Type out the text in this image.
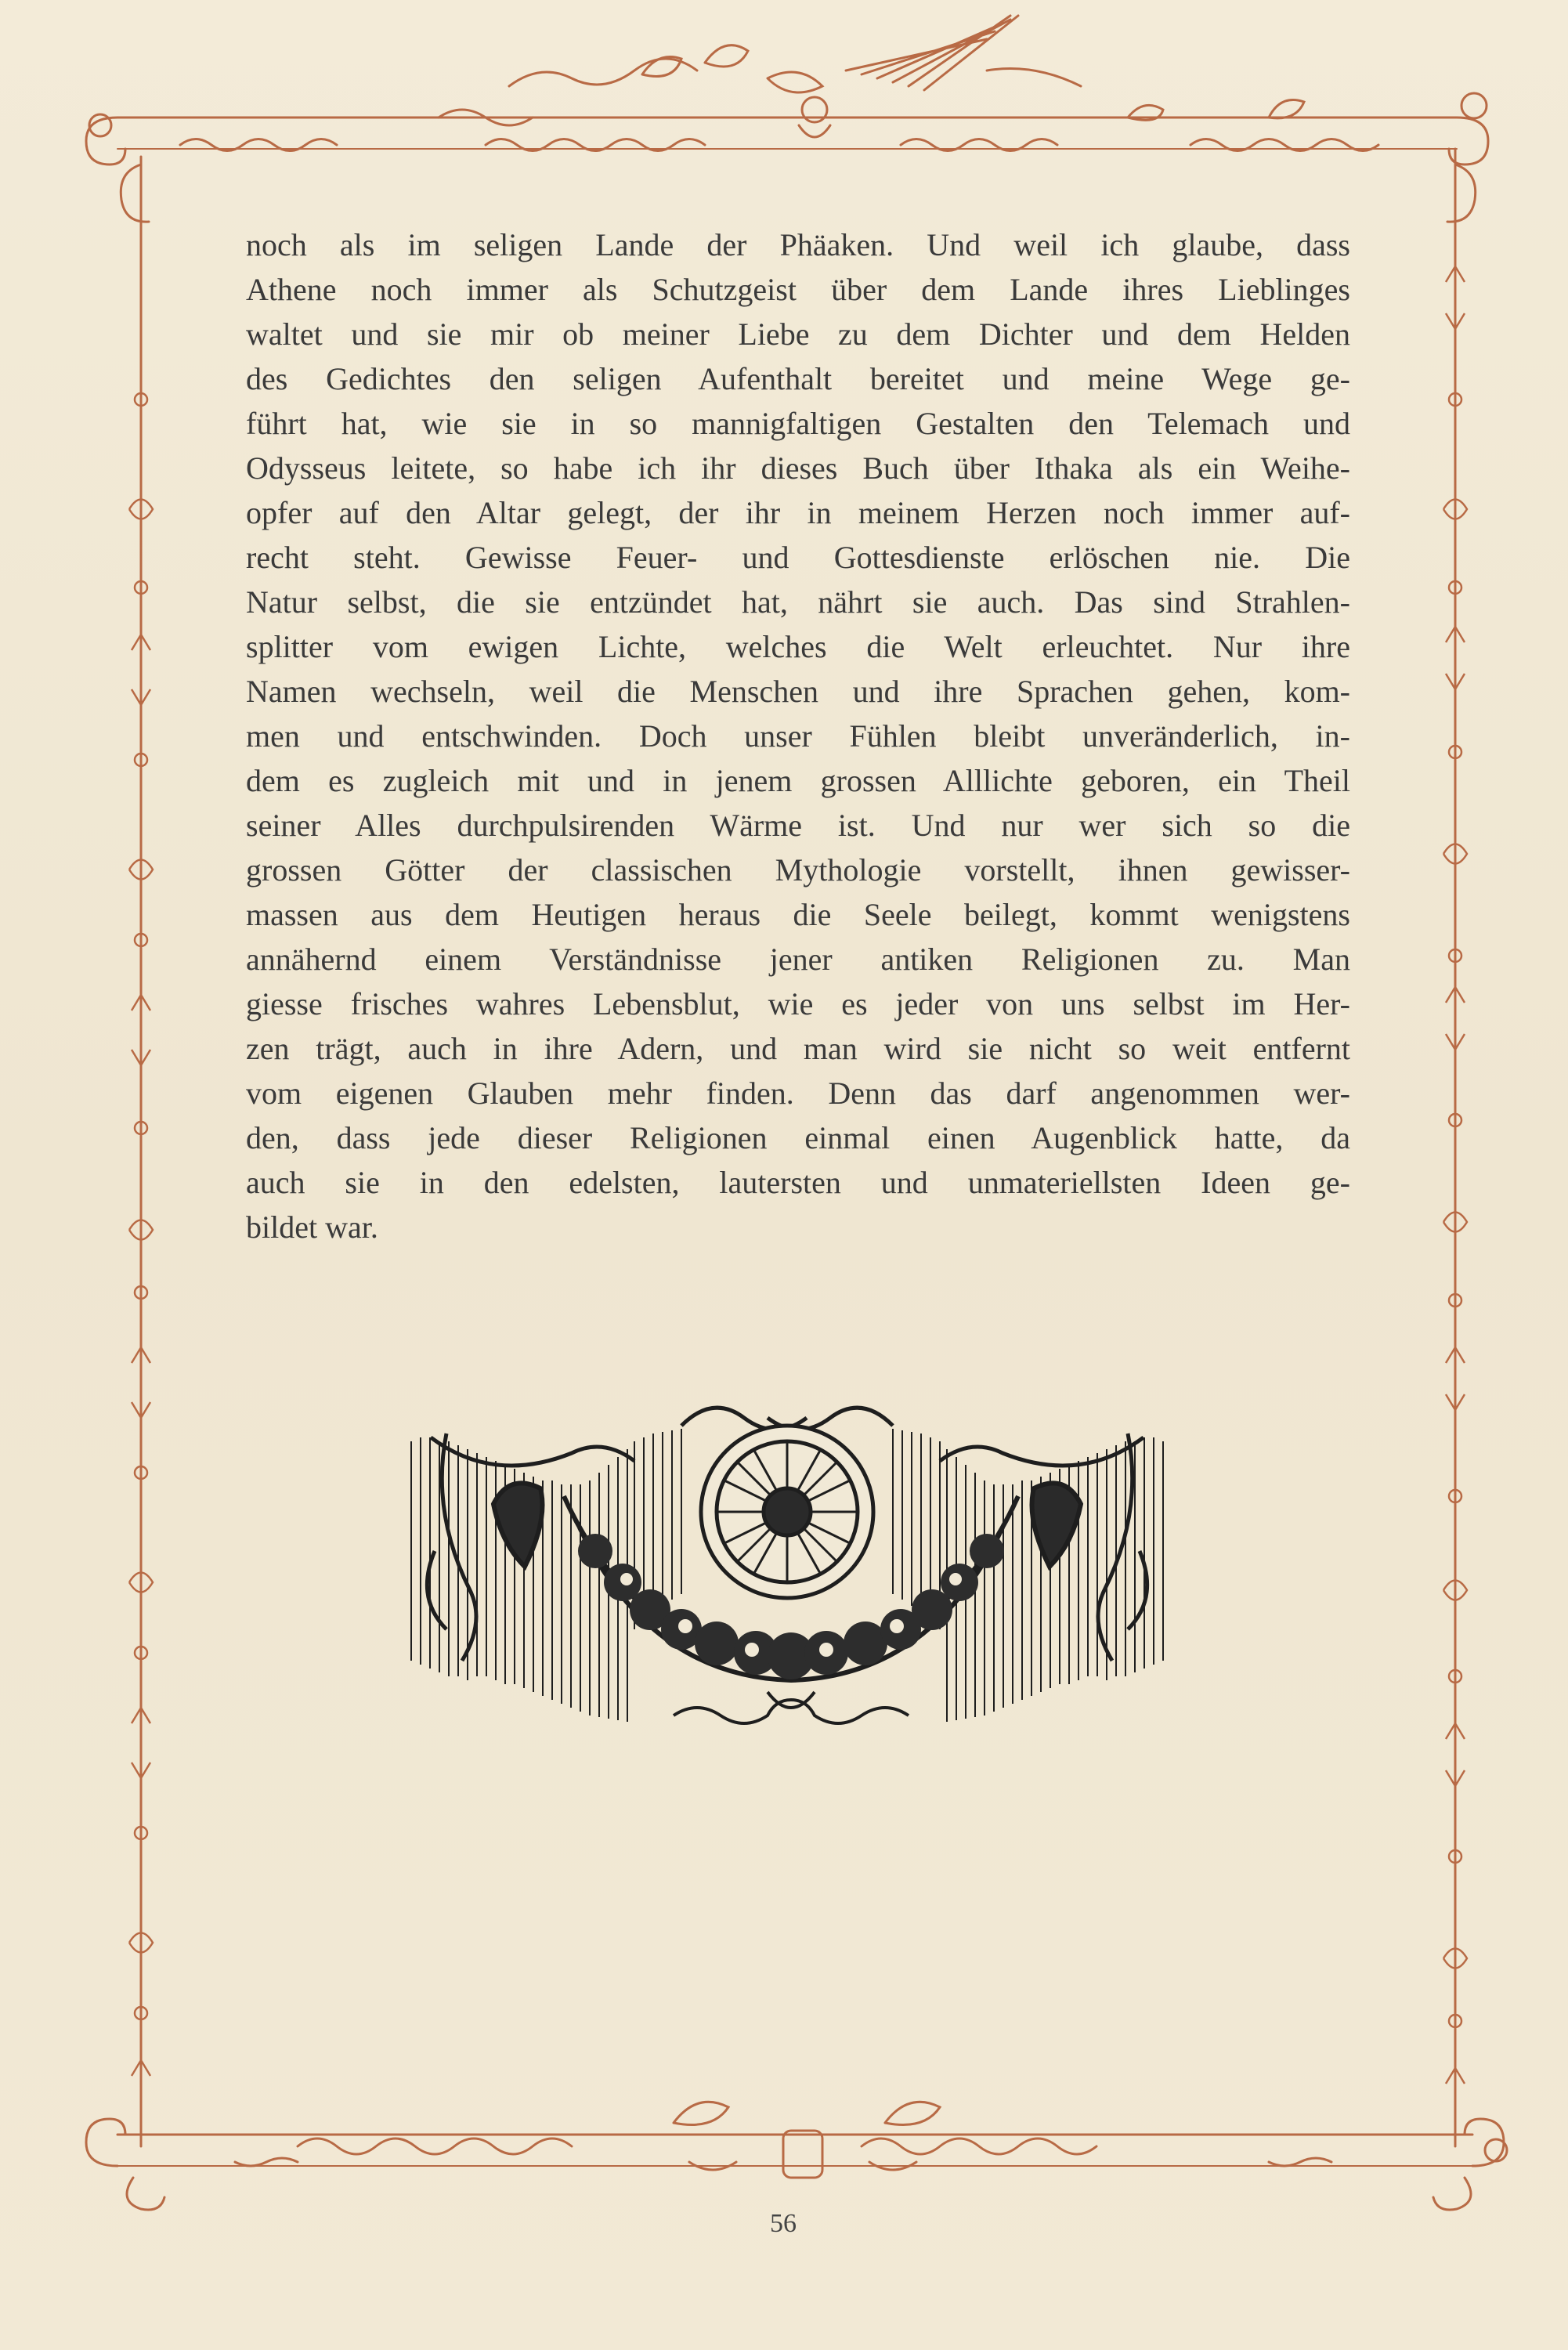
noch als im seligen Lande der Phäaken. Und weil ich glaube, dass
Athene noch immer als Schutzgeist über dem Lande ihres Lieblinges
waltet und sie mir ob meiner Liebe zu dem Dichter und dem Helden
des Gedichtes den seligen Aufenthalt bereitet und meine Wege ge-
führt hat, wie sie in so mannigfaltigen Gestalten den Telemach und
Odysseus leitete, so habe ich ihr dieses Buch über Ithaka als ein Weihe-
opfer auf den Altar gelegt, der ihr in meinem Herzen noch immer auf-
recht steht. Gewisse Feuer- und Gottesdienste erlöschen nie. Die
Natur selbst, die sie entzündet hat, nährt sie auch. Das sind Strahlen-
splitter vom ewigen Lichte, welches die Welt erleuchtet. Nur ihre
Namen wechseln, weil die Menschen und ihre Sprachen gehen, kom-
men und entschwinden. Doch unser Fühlen bleibt unveränderlich, in-
dem es zugleich mit und in jenem grossen Alllichte geboren, ein Theil
seiner Alles durchpulsirenden Wärme ist. Und nur wer sich so die
grossen Götter der classischen Mythologie vorstellt, ihnen gewisser-
massen aus dem Heutigen heraus die Seele beilegt, kommt wenigstens
annähernd einem Verständnisse jener antiken Religionen zu. Man
giesse frisches wahres Lebensblut, wie es jeder von uns selbst im Her-
zen trägt, auch in ihre Adern, und man wird sie nicht so weit entfernt
vom eigenen Glauben mehr finden. Denn das darf angenommen wer-
den, dass jede dieser Religionen einmal einen Augenblick hatte, da
auch sie in den edelsten, lautersten und unmateriellsten Ideen ge-
bildet war.
56
